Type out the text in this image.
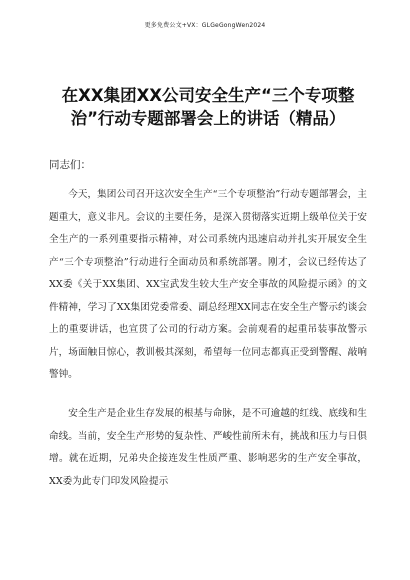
更多免费公文+VX：GLGeGongWen2024
在XX集团XX公司安全生产“三个专项整治”行动专题部署会上的讲话（精品）
同志们：

今天，集团公司召开这次安全生产“三个专项整治”行动专题部署会，主题重大，意义非凡。会议的主要任务，是深入贯彻落实近期上级单位关于安全生产的一系列重要指示精神，对公司系统内迅速启动并扎实开展安全生产“三个专项整治”行动进行全面动员和系统部署。刚才，会议已经传达了XX委《关于XX集团、XX宝武发生较大生产安全事故的风险提示函》的文件精神，学习了XX集团党委常委、副总经理XX同志在安全生产警示约谈会上的重要讲话，也宣贯了公司的行动方案。会前观看的起重吊装事故警示片，场面触目惊心，教训极其深刻，希望每一位同志都真正受到警醒、敲响警钟。

安全生产是企业生存发展的根基与命脉，是不可逾越的红线、底线和生命线。当前，安全生产形势的复杂性、严峻性前所未有，挑战和压力与日俱增。就在近期，兄弟央企接连发生性质严重、影响恶劣的生产安全事故，XX委为此专门印发风险提示
